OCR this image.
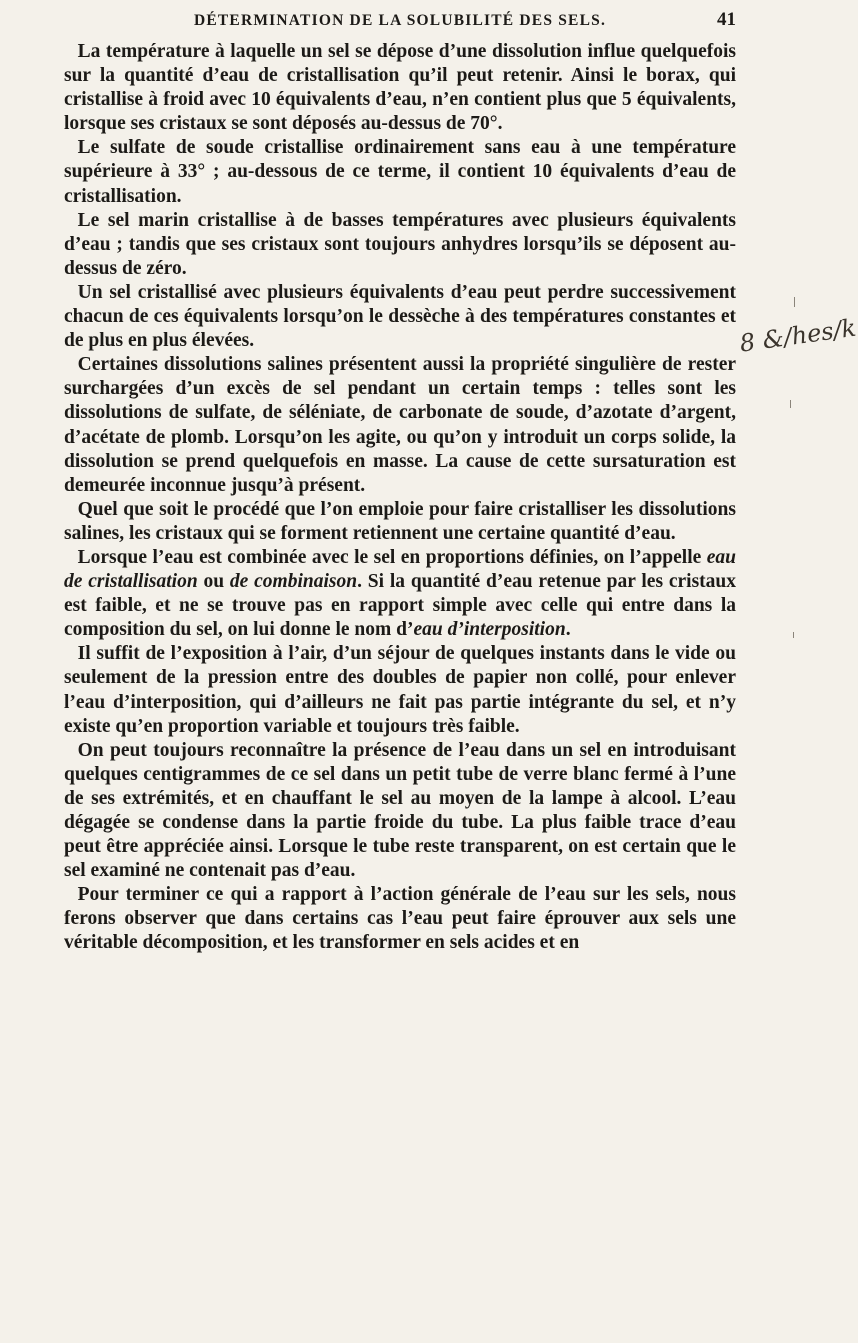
DÉTERMINATION DE LA SOLUBILITÉ DES SELS.	41

La température à laquelle un sel se dépose d’une dissolution influe quelquefois sur la quantité d’eau de cristallisation qu’il peut retenir. Ainsi le borax, qui cristallise à froid avec 10 équivalents d’eau, n’en contient plus que 5 équivalents, lorsque ses cristaux se sont déposés au-dessus de 70°.

Le sulfate de soude cristallise ordinairement sans eau à une température supérieure à 33° ; au-dessous de ce terme, il contient 10 équivalents d’eau de cristallisation.

Le sel marin cristallise à de basses températures avec plusieurs équivalents d’eau ; tandis que ses cristaux sont toujours anhydres lorsqu’ils se déposent au-dessus de zéro.

Un sel cristallisé avec plusieurs équivalents d’eau peut perdre successivement chacun de ces équivalents lorsqu’on le dessèche à des températures constantes et de plus en plus élevées.

Certaines dissolutions salines présentent aussi la propriété singulière de rester surchargées d’un excès de sel pendant un certain temps : telles sont les dissolutions de sulfate, de séléniate, de carbonate de soude, d’azotate d’argent, d’acétate de plomb. Lorsqu’on les agite, ou qu’on y introduit un corps solide, la dissolution se prend quelquefois en masse. La cause de cette sursaturation est demeurée inconnue jusqu’à présent.

Quel que soit le procédé que l’on emploie pour faire cristalliser les dissolutions salines, les cristaux qui se forment retiennent une certaine quantité d’eau.

Lorsque l’eau est combinée avec le sel en proportions définies, on l’appelle eau de cristallisation ou de combinaison. Si la quantité d’eau retenue par les cristaux est faible, et ne se trouve pas en rapport simple avec celle qui entre dans la composition du sel, on lui donne le nom d’eau d’interposition.

Il suffit de l’exposition à l’air, d’un séjour de quelques instants dans le vide ou seulement de la pression entre des doubles de papier non collé, pour enlever l’eau d’interposition, qui d’ailleurs ne fait pas partie intégrante du sel, et n’y existe qu’en proportion variable et toujours très faible.

On peut toujours reconnaître la présence de l’eau dans un sel en introduisant quelques centigrammes de ce sel dans un petit tube de verre blanc fermé à l’une de ses extrémités, et en chauffant le sel au moyen de la lampe à alcool. L’eau dégagée se condense dans la partie froide du tube. La plus faible trace d’eau peut être appréciée ainsi. Lorsque le tube reste transparent, on est certain que le sel examiné ne contenait pas d’eau.

Pour terminer ce qui a rapport à l’action générale de l’eau sur les sels, nous ferons observer que dans certains cas l’eau peut faire éprouver aux sels une véritable décomposition, et les transformer en sels acides et en

8 &/hes/k
